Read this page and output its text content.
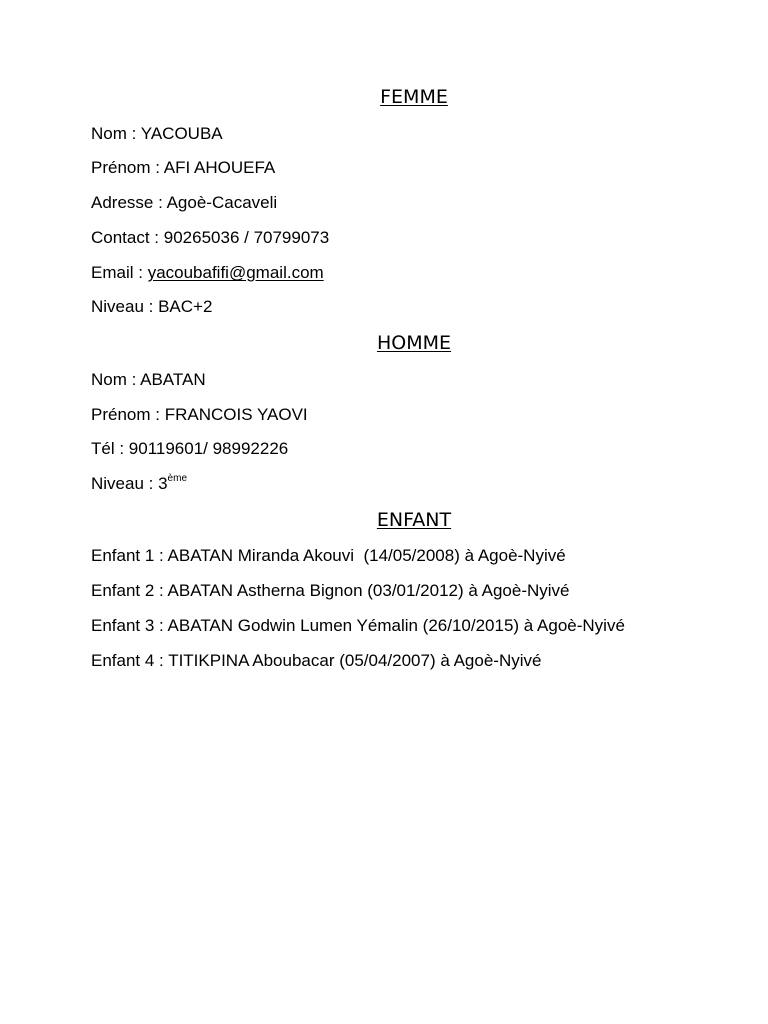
FEMME

Nom : YACOUBA

Prénom : AFI AHOUEFA

Adresse : Agoè-Cacaveli

Contact : 90265036 / 70799073

Email : yacoubafifi@gmail.com

Niveau : BAC+2

HOMME

Nom : ABATAN

Prénom : FRANCOIS YAOVI

Tél : 90119601/ 98992226

Niveau : 3ème

ENFANT

Enfant 1 : ABATAN Miranda Akouvi  (14/05/2008) à Agoè-Nyivé

Enfant 2 : ABATAN Astherna Bignon (03/01/2012) à Agoè-Nyivé

Enfant 3 : ABATAN Godwin Lumen Yémalin (26/10/2015) à Agoè-Nyivé

Enfant 4 : TITIKPINA Aboubacar (05/04/2007) à Agoè-Nyivé
